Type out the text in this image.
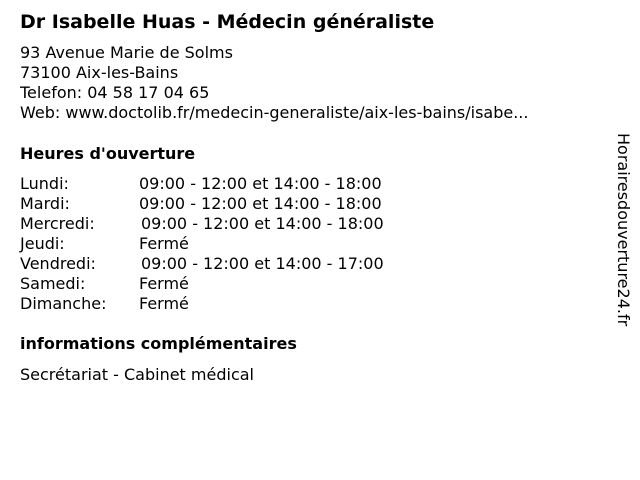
Dr Isabelle Huas - Médecin généraliste
93 Avenue Marie de Solms
73100 Aix-les-Bains
Telefon: 04 58 17 04 65
Web: www.doctolib.fr/medecin-generaliste/aix-les-bains/isabe...
Heures d'ouverture
Lundi:	09:00 - 12:00 et 14:00 - 18:00
Mardi:	09:00 - 12:00 et 14:00 - 18:00
Mercredi:	09:00 - 12:00 et 14:00 - 18:00
Jeudi:	Fermé
Vendredi:	09:00 - 12:00 et 14:00 - 17:00
Samedi:	Fermé
Dimanche: Fermé
informations complémentaires
Secrétariat - Cabinet médical
Horairesdouverture24.fr
